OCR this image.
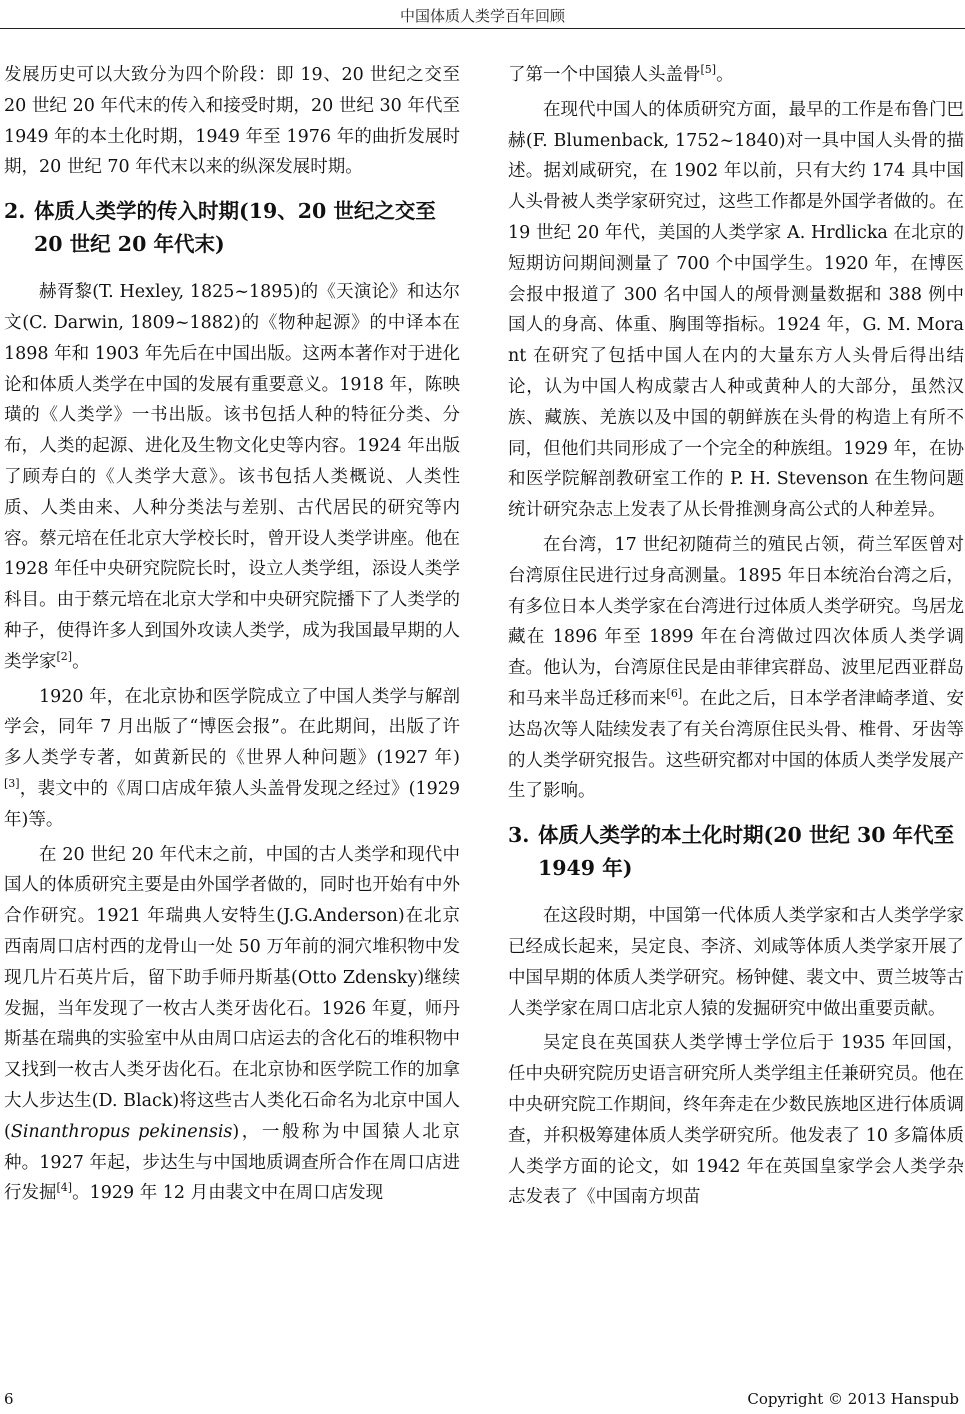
中国体质人类学百年回顾

发展历史可以大致分为四个阶段：即 19、20 世纪之交至 20 世纪 20 年代末的传入和接受时期，20 世纪 30 年代至 1949 年的本土化时期，1949 年至 1976 年的曲折发展时期，20 世纪 70 年代末以来的纵深发展时期。

2. 体质人类学的传入时期(19、20 世纪之交至 20 世纪 20 年代末)

赫胥黎(T. Hexley, 1825~1895)的《天演论》和达尔文(C. Darwin, 1809~1882)的《物种起源》的中译本在 1898 年和 1903 年先后在中国出版。这两本著作对于进化论和体质人类学在中国的发展有重要意义。1918 年，陈映璜的《人类学》一书出版。该书包括人种的特征分类、分布，人类的起源、进化及生物文化史等内容。1924 年出版了顾寿白的《人类学大意》。该书包括人类概说、人类性质、人类由来、人种分类法与差别、古代居民的研究等内容。蔡元培在任北京大学校长时，曾开设人类学讲座。他在 1928 年任中央研究院院长时，设立人类学组，添设人类学科目。由于蔡元培在北京大学和中央研究院播下了人类学的种子，使得许多人到国外攻读人类学，成为我国最早期的人类学家[2]。

1920 年，在北京协和医学院成立了中国人类学与解剖学会，同年 7 月出版了“博医会报”。在此期间，出版了许多人类学专著，如黄新民的《世界人种问题》(1927 年)[3]，裴文中的《周口店成年猿人头盖骨发现之经过》(1929 年)等。

在 20 世纪 20 年代末之前，中国的古人类学和现代中国人的体质研究主要是由外国学者做的，同时也开始有中外合作研究。1921 年瑞典人安特生(J.G.Anderson)在北京西南周口店村西的龙骨山一处 50 万年前的洞穴堆积物中发现几片石英片后，留下助手师丹斯基(Otto Zdensky)继续发掘，当年发现了一枚古人类牙齿化石。1926 年夏，师丹斯基在瑞典的实验室中从由周口店运去的含化石的堆积物中又找到一枚古人类牙齿化石。在北京协和医学院工作的加拿大人步达生(D. Black)将这些古人类化石命名为北京中国人(Sinanthropus pekinensis)，一般称为中国猿人北京种。1927 年起，步达生与中国地质调查所合作在周口店进行发掘[4]。1929 年 12 月由裴文中在周口店发现

了第一个中国猿人头盖骨[5]。

在现代中国人的体质研究方面，最早的工作是布鲁门巴赫(F. Blumenback, 1752~1840)对一具中国人头骨的描述。据刘咸研究，在 1902 年以前，只有大约 174 具中国人头骨被人类学家研究过，这些工作都是外国学者做的。在 19 世纪 20 年代，美国的人类学家 A. Hrdlicka 在北京的短期访问期间测量了 700 个中国学生。1920 年，在博医会报中报道了 300 名中国人的颅骨测量数据和 388 例中国人的身高、体重、胸围等指标。1924 年，G. M. Morant 在研究了包括中国人在内的大量东方人头骨后得出结论，认为中国人构成蒙古人种或黄种人的大部分，虽然汉族、藏族、羌族以及中国的朝鲜族在头骨的构造上有所不同，但他们共同形成了一个完全的种族组。1929 年，在协和医学院解剖教研室工作的 P. H. Stevenson 在生物问题统计研究杂志上发表了从长骨推测身高公式的人种差异。

在台湾，17 世纪初随荷兰的殖民占领，荷兰军医曾对台湾原住民进行过身高测量。1895 年日本统治台湾之后，有多位日本人类学家在台湾进行过体质人类学研究。鸟居龙藏在 1896 年至 1899 年在台湾做过四次体质人类学调查。他认为，台湾原住民是由菲律宾群岛、波里尼西亚群岛和马来半岛迁移而来[6]。在此之后，日本学者津崎孝道、安达岛次等人陆续发表了有关台湾原住民头骨、椎骨、牙齿等的人类学研究报告。这些研究都对中国的体质人类学发展产生了影响。

3. 体质人类学的本土化时期(20 世纪 30 年代至 1949 年)

在这段时期，中国第一代体质人类学家和古人类学学家已经成长起来，吴定良、李济、刘咸等体质人类学家开展了中国早期的体质人类学研究。杨钟健、裴文中、贾兰坡等古人类学家在周口店北京人猿的发掘研究中做出重要贡献。

吴定良在英国获人类学博士学位后于 1935 年回国，任中央研究院历史语言研究所人类学组主任兼研究员。他在中央研究院工作期间，终年奔走在少数民族地区进行体质调查，并积极筹建体质人类学研究所。他发表了 10 多篇体质人类学方面的论文，如 1942 年在英国皇家学会人类学杂志发表了《中国南方坝苗

6	Copyright © 2013 Hanspub
